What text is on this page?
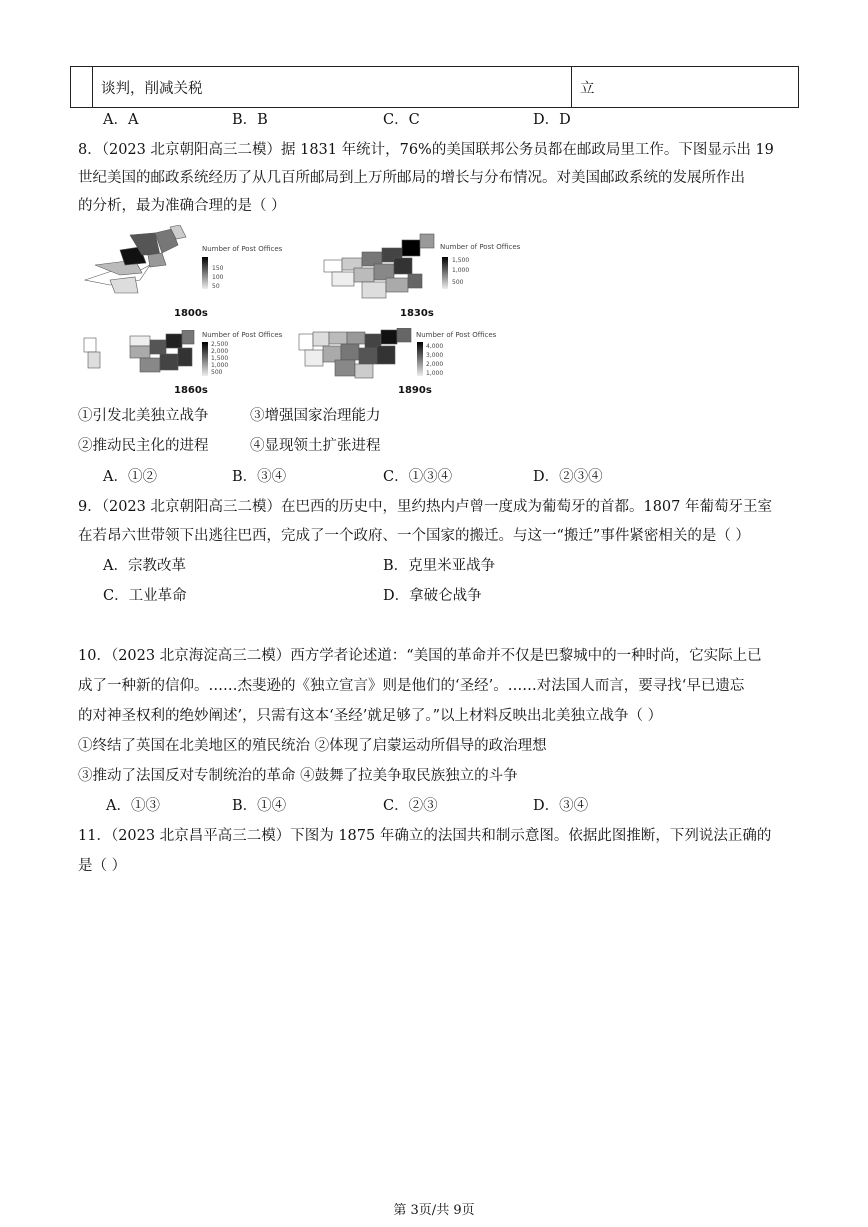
	谈判，削减关税	立
A．A	B．B	C．C	D．D
8．（2023 北京朝阳高三二模）据 1831 年统计，76%的美国联邦公务员都在邮政局里工作。下图显示出 19
世纪美国的邮政系统经历了从几百所邮局到上万所邮局的增长与分布情况。对美国邮政系统的发展所作出
的分析，最为准确合理的是（ ）
Number of Post Offices
150
100
50
1800s
Number of Post Offices
1,500
1,000
500
1830s
Number of Post Offices
2,500
2,000
1,500
1,000
500
1860s
Number of Post Offices
4,000
3,000
2,000
1,000
1890s
①引发北美独立战争	③增强国家治理能力
②推动民主化的进程	④显现领土扩张进程
A．①②	B．③④	C．①③④	D．②③④
9．（2023 北京朝阳高三二模）在巴西的历史中，里约热内卢曾一度成为葡萄牙的首都。1807 年葡萄牙王室
在若昂六世带领下出逃往巴西，完成了一个政府、一个国家的搬迁。与这一“搬迁”事件紧密相关的是（ ）
A．宗教改革	B．克里米亚战争
C．工业革命	D．拿破仑战争
10．（2023 北京海淀高三二模）西方学者论述道：“美国的革命并不仅是巴黎城中的一种时尚，它实际上已
成了一种新的信仰。……杰斐逊的《独立宣言》则是他们的‘圣经’。……对法国人而言，要寻找‘早已遗忘
的对神圣权利的绝妙阐述’，只需有这本‘圣经’就足够了。”以上材料反映出北美独立战争（ ）
①终结了英国在北美地区的殖民统治 ②体现了启蒙运动所倡导的政治理想
③推动了法国反对专制统治的革命 ④鼓舞了拉美争取民族独立的斗争
A．①③	B．①④	C．②③	D．③④
11．（2023 北京昌平高三二模）下图为 1875 年确立的法国共和制示意图。依据此图推断，下列说法正确的
是（ ）
第 3页/共 9页
